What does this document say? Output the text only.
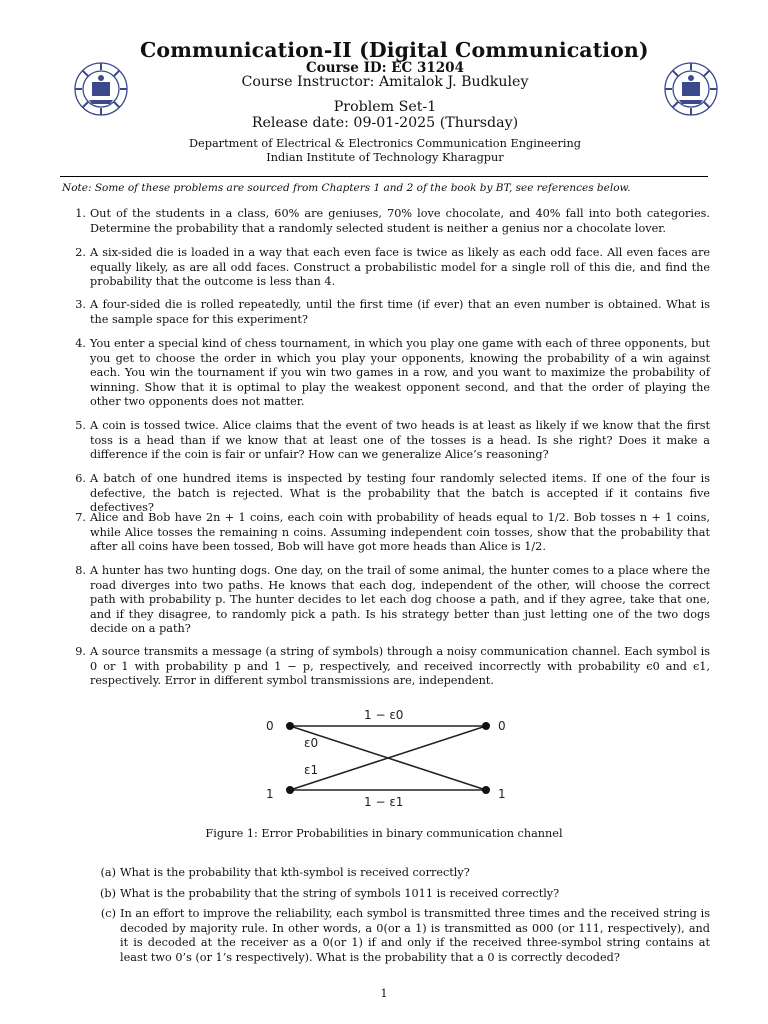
Communication-II (Digital Communication)
Course ID: EC 31204
Course Instructor: Amitalok J. Budkuley
Problem Set-1
Release date: 09-01-2025 (Thursday)
Department of Electrical & Electronics Communication Engineering
Indian Institute of Technology Kharagpur
Note: Some of these problems are sourced from Chapters 1 and 2 of the book by BT, see references below.
1. Out of the students in a class, 60% are geniuses, 70% love chocolate, and 40% fall into both categories. Determine the probability that a randomly selected student is neither a genius nor a chocolate lover.
2. A six-sided die is loaded in a way that each even face is twice as likely as each odd face. All even faces are equally likely, as are all odd faces. Construct a probabilistic model for a single roll of this die, and find the probability that the outcome is less than 4.
3. A four-sided die is rolled repeatedly, until the first time (if ever) that an even number is obtained. What is the sample space for this experiment?
4. You enter a special kind of chess tournament, in which you play one game with each of three opponents, but you get to choose the order in which you play your opponents, knowing the probability of a win against each. You win the tournament if you win two games in a row, and you want to maximize the probability of winning. Show that it is optimal to play the weakest opponent second, and that the order of playing the other two opponents does not matter.
5. A coin is tossed twice. Alice claims that the event of two heads is at least as likely if we know that the first toss is a head than if we know that at least one of the tosses is a head. Is she right? Does it make a difference if the coin is fair or unfair? How can we generalize Alice’s reasoning?
6. A batch of one hundred items is inspected by testing four randomly selected items. If one of the four is defective, the batch is rejected. What is the probability that the batch is accepted if it contains five defectives?
7. Alice and Bob have 2n + 1 coins, each coin with probability of heads equal to 1/2. Bob tosses n + 1 coins, while Alice tosses the remaining n coins. Assuming independent coin tosses, show that the probability that after all coins have been tossed, Bob will have got more heads than Alice is 1/2.
8. A hunter has two hunting dogs. One day, on the trail of some animal, the hunter comes to a place where the road diverges into two paths. He knows that each dog, independent of the other, will choose the correct path with probability p. The hunter decides to let each dog choose a path, and if they agree, take that one, and if they disagree, to randomly pick a path. Is his strategy better than just letting one of the two dogs decide on a path?
9. A source transmits a message (a string of symbols) through a noisy communication channel. Each symbol is 0 or 1 with probability p and 1 − p, respectively, and received incorrectly with probability ϵ0 and ϵ1, respectively. Error in different symbol transmissions are, independent.
0	0
1	1
1 − ε0
1 − ε1
ε0
ε1
Figure 1: Error Probabilities in binary communication channel
(a) What is the probability that kth-symbol is received correctly?
(b) What is the probability that the string of symbols 1011 is received correctly?
(c) In an effort to improve the reliability, each symbol is transmitted three times and the received string is decoded by majority rule. In other words, a 0(or a 1) is transmitted as 000 (or 111, respectively), and it is decoded at the receiver as a 0(or 1) if and only if the received three-symbol string contains at least two 0’s (or 1’s respectively). What is the probability that a 0 is correctly decoded?
1
